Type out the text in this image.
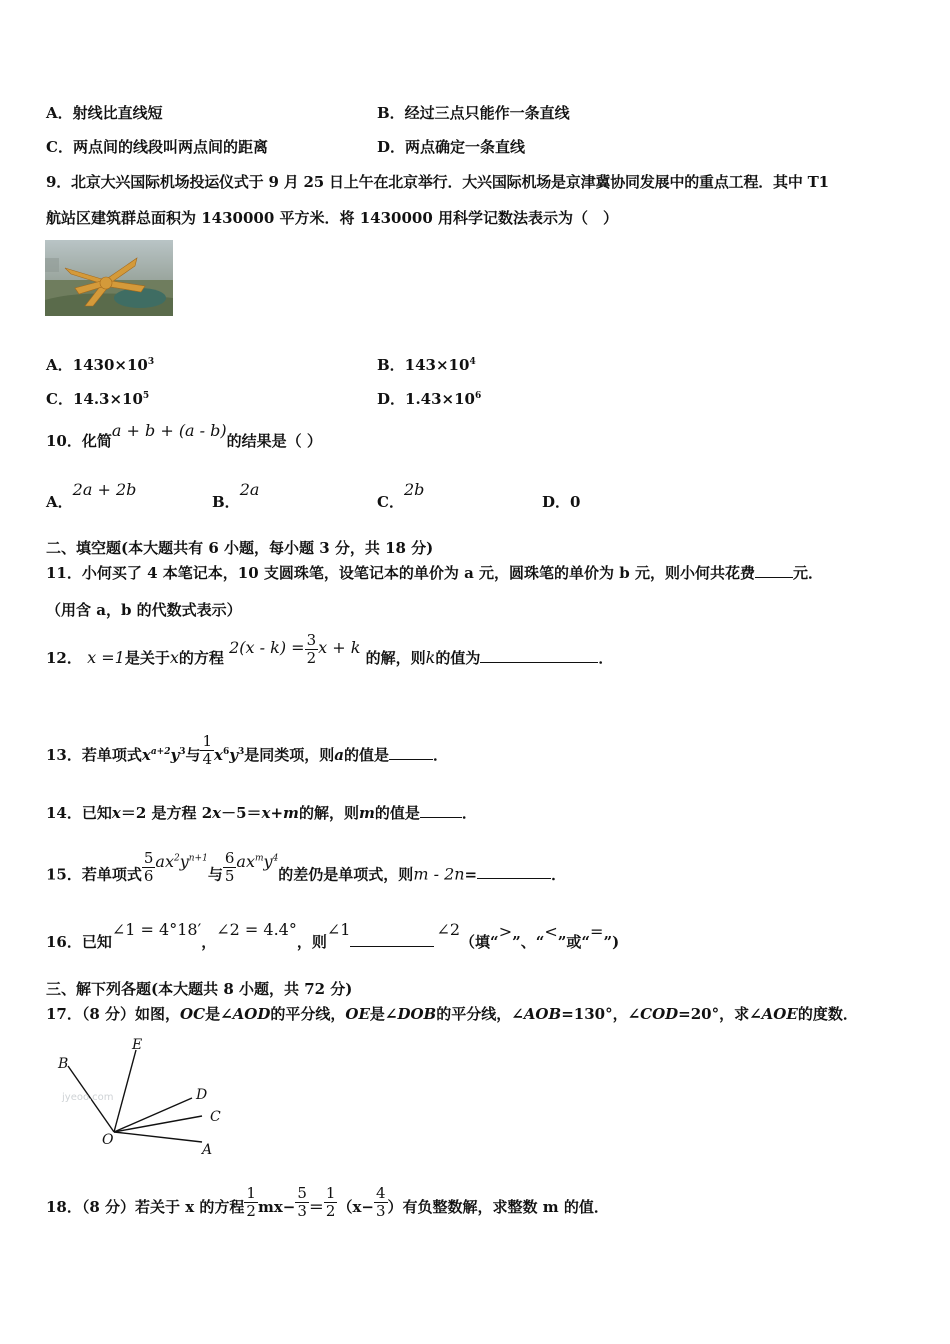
A．射线比直线短	B．经过三点只能作一条直线
C．两点间的线段叫两点间的距离	D．两点确定一条直线
9．北京大兴国际机场投运仪式于 9 月 25 日上午在北京举行．大兴国际机场是京津冀协同发展中的重点工程．其中 T1
航站区建筑群总面积为 1430000 平方米．将 1430000 用科学记数法表示为（　）
A．$1430\times 10^3$	B．$143\times 10^4$
C．$14.3\times 10^5$	D．$1.43\times 10^6$
10．化简a + b + (a - b)的结果是（ ）
A．2a + 2b
B．2a
C．2b
D．0
二、填空题(本大题共有 6 小题，每小题 3 分，共 18 分)
11．小何买了 4 本笔记本，10 支圆珠笔，设笔记本的单价为 a 元，圆珠笔的单价为 b 元，则小何共花费	元．
（用含 a，b 的代数式表示）
12． x =1是关于x的方程 $2(x - k) = \frac{3}{2}$ x + k 的解，则k的值为	．
13．若单项式$x^{a+2}y^3$与 $\frac{1}{4} x^6y^3$是同类项，则a的值是	．
14．已知x＝2 是方程 2x－5＝x+m的解，则m的值是	．
15．若单项式 $\frac{5}{6} ax^2y^{n+1}$与 $\frac{6}{5} ax^my^4$的差仍是单项式，则m - 2n=	．
16．已知∠1 = 4°18′，∠2 = 4.4°，则∠1	∠2（填“>”、“<”或“=”)
三、解下列各题(本大题共 8 小题，共 72 分)
17．（8 分）如图，OC是∠AOD的平分线，OE是∠DOB的平分线，∠AOB=130°，∠COD=20°，求∠AOE的度数．
jyeoo.com
B
E
D
C
O
A
18．（8 分）若关于 x 的方程 $\frac{1}{2} mx- \frac{5}{3} = \frac{1}{2} (x- \frac{4}{3}$ ）有负整数解，求整数 m 的值．
